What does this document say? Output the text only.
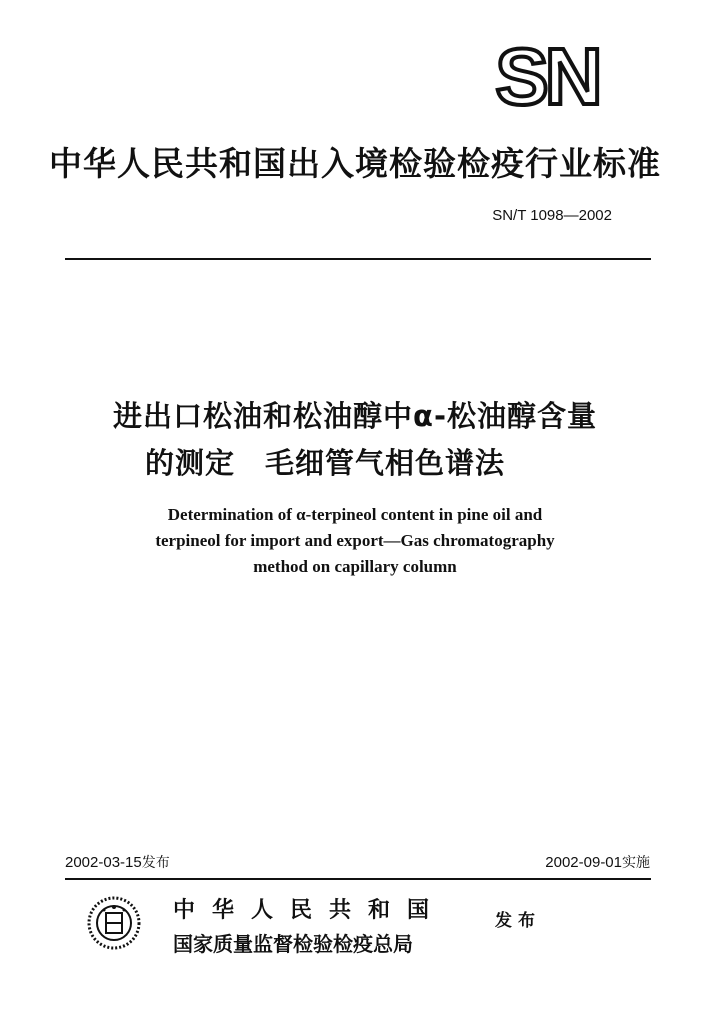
SN
中华人民共和国出入境检验检疫行业标准
SN/T 1098—2002
进出口松油和松油醇中α-松油醇含量
的测定　毛细管气相色谱法
Determination of α-terpineol content in pine oil and
terpineol for import and export—Gas chromatography
method on capillary column
2002-03-15发布	2002-09-01实施
中华人民共和国
国家质量监督检验检疫总局
发布
